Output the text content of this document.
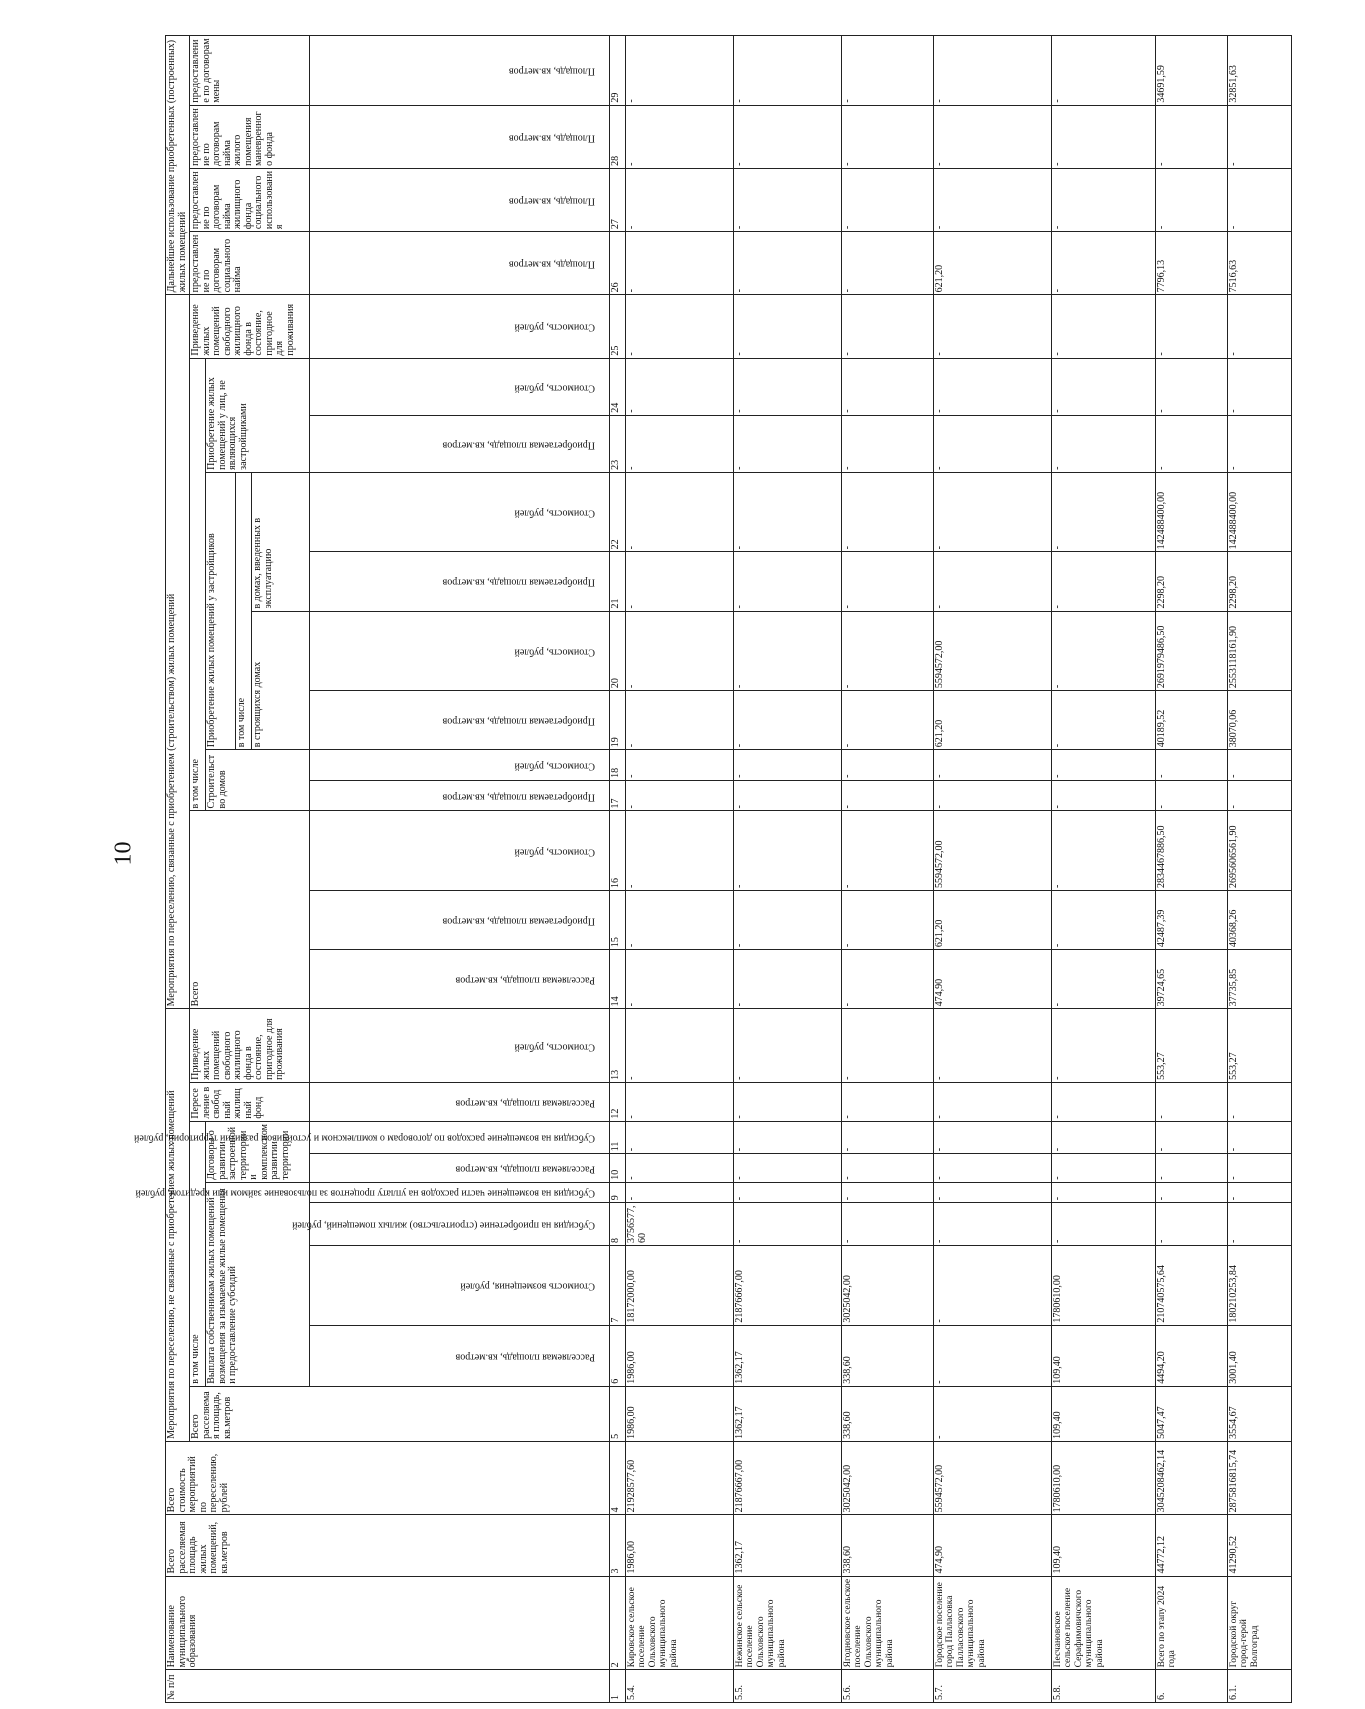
10
№ п/п	Наименование муниципального образования	Всего расселяемая площадь жилых помещений, кв.метров	Всего стоимость мероприятий по переселению, рублей	Мероприятия по переселению, не связанные с приобретением жилых помещений									Мероприятия по переселению, связанные с приобретением (строительством) жилых помещений												Дальнейшее использование приобретенных (построенных) жилых помещений			
				Всего расселяемая площадь, кв.метров	в том числе						Переселение в свободный жилищный фонд	Приведение жилых помещений свободного жилищного фонда в состояние, пригодное для проживания	Всего			в том числе								Приведение жилых помещений свободного жилищного фонда в состояние, пригодное для проживания	предоставление по договорам социального найма	предоставление по договорам найма жилищного фонда социального использования	предоставление по договорам найма жилого помещения маневренного фонда	предоставление по договорам мены
					Выплата собственникам жилых помещений возмещения за изымаемые жилые помещения и предоставление субсидий				Договоры о развитии застроенной территории и комплексном развитии территории							Строительство домов		Приобретение жилых помещений у застройщиков				Приобретение жилых помещений у лиц, не являющихся застройщиками						
																		в том числе										
																		в строящихся домах		в домах, введенных в эксплуатацию								

					Расселяемая площадь, кв.метров	Стоимость возмещения, рублей	Субсидия на приобретение (строительство) жилых помещений, рублей	Субсидия на возмещение части расходов на уплату процентов за пользование займом или кредитом, рублей	Расселяемая площадь, кв.метров	Субсидия на возмещение расходов по договорам о комплексном и устойчивом развитии территорий, рублей	Расселяемая площадь, кв.метров	Стоимость, рублей	Расселяемая площадь, кв.метров	Приобретаемая площадь, кв.метров	Стоимость, рублей	Приобретаемая площадь, кв.метров	Стоимость, рублей	Приобретаемая площадь, кв.метров	Стоимость, рублей	Приобретаемая площадь, кв.метров	Стоимость, рублей	Приобретаемая площадь, кв.метров	Стоимость, рублей	Стоимость, рублей	Площадь, кв.метров	Площадь, кв.метров	Площадь, кв.метров	Площадь, кв.метров

1	2	3	4	5	6	7	8	9	10	11	12	13	14	15	16	17	18	19	20	21	22	23	24	25	26	27	28	29
5.4.	Кировское сельское поселение Ольховского муниципального района	1986,00	21928577,60	1986,00	1986,00	18172000,00	3756577,60	-	-	-	-	-	-	-	-	-	-	-	-	-	-	-	-	-	-	-	-	-
5.5.	Нежинское сельское поселение Ольховского муниципального района	1362,17	21876667,00	1362,17	1362,17	21876667,00	-	-	-	-	-	-	-	-	-	-	-	-	-	-	-	-	-	-	-	-	-	-
5.6.	Ягодновское сельское поселение Ольховского муниципального района	338,60	3025042,00	338,60	338,60	3025042,00	-	-	-	-	-	-	-	-	-	-	-	-	-	-	-	-	-	-	-	-	-	-
5.7.	Городское поселение город Палласовка Палласовского муниципального района	474,90	5594572,00	-	-	-	-	-	-	-	-	-	474,90	621,20	5594572,00	-	-	621,20	5594572,00	-	-	-	-	-	621,20	-	-	-
5.8.	Песчановское сельское поселение Серафимовичского муниципального района	109,40	1780610,00	109,40	109,40	1780610,00	-	-	-	-	-	-	-	-	-	-	-	-	-	-	-	-	-	-	-	-	-	-
6.	Всего по этапу 2024 года	44772,12	3045208462,14	5047,47	4494,20	210740575,64	-	-	-	-	-	553,27	39724,65	42487,39	2834467886,50	-	-	40189,52	2691979486,50	2298,20	142488400,00	-	-	-	7796,13	-	-	34691,59
6.1.	Городской округ город-герой Волгоград	41290,52	2875816815,74	3554,67	3001,40	180210253,84	-	-	-	-	-	553,27	37735,85	40368,26	2695606561,90	-	-	38070,06	2553118161,90	2298,20	142488400,00	-	-	-	7516,63	-	-	32851,63
